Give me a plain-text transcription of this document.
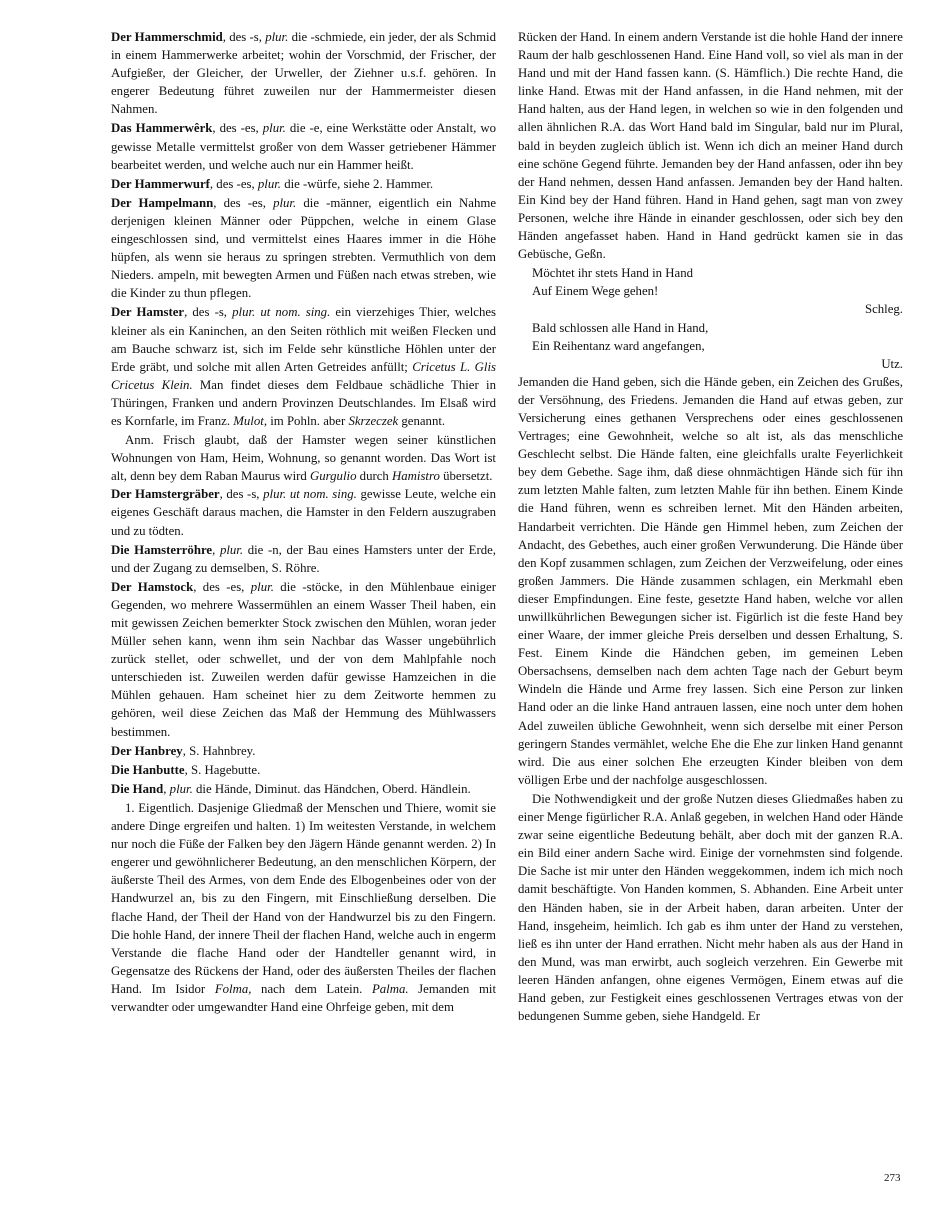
Der Hammerschmid, des -s, plur. die -schmiede, ein jeder, der als Schmid in einem Hammerwerke arbeitet; wohin der Vorschmid, der Frischer, der Aufgießer, der Gleicher, der Urweller, der Ziehner u.s.f. gehören. In engerer Bedeutung führet zuweilen nur der Hammermeister diesen Nahmen.

Das Hammerwêrk, des -es, plur. die -e, eine Werkstätte oder Anstalt, wo gewisse Metalle vermittelst großer von dem Wasser getriebener Hämmer bearbeitet werden, und welche auch nur ein Hammer heißt.

Der Hammerwurf, des -es, plur. die -würfe, siehe 2. Hammer.

Der Hampelmann, des -es, plur. die -männer, eigentlich ein Nahme derjenigen kleinen Männer oder Püppchen, welche in einem Glase eingeschlossen sind, und vermittelst eines Haares immer in die Höhe hüpfen, als wenn sie heraus zu springen strebten. Vermuthlich von dem Nieders. ampeln, mit bewegten Armen und Füßen nach etwas streben, wie die Kinder zu thun pflegen.

Der Hamster, des -s, plur. ut nom. sing. ein vierzehiges Thier, welches kleiner als ein Kaninchen, an den Seiten röthlich mit weißen Flecken und am Bauche schwarz ist, sich im Felde sehr künstliche Höhlen unter der Erde gräbt, und solche mit allen Arten Getreides anfüllt; Cricetus L. Glis Cricetus Klein. Man findet dieses dem Feldbaue schädliche Thier in Thüringen, Franken und andern Provinzen Deutschlandes. Im Elsaß wird es Kornfarle, im Franz. Mulot, im Pohln. aber Skrzeczek genannt.

Anm. Frisch glaubt, daß der Hamster wegen seiner künstlichen Wohnungen von Ham, Heim, Wohnung, so genannt worden. Das Wort ist alt, denn bey dem Raban Maurus wird Gurgulio durch Hamistro übersetzt.

Der Hamstergräber, des -s, plur. ut nom. sing. gewisse Leute, welche ein eigenes Geschäft daraus machen, die Hamster in den Feldern auszugraben und zu tödten.

Die Hamsterröhre, plur. die -n, der Bau eines Hamsters unter der Erde, und der Zugang zu demselben, S. Röhre.

Der Hamstock, des -es, plur. die -stöcke, in den Mühlenbaue einiger Gegenden, wo mehrere Wassermühlen an einem Wasser Theil haben, ein mit gewissen Zeichen bemerkter Stock zwischen den Mühlen, woran jeder Müller sehen kann, wenn ihm sein Nachbar das Wasser ungebührlich zurück stellet, oder schwellet, und der von dem Mahlpfahle noch unterschieden ist. Zuweilen werden dafür gewisse Hamzeichen in die Mühlen gehauen. Ham scheinet hier zu dem Zeitworte hemmen zu gehören, weil diese Zeichen das Maß der Hemmung des Mühlwassers bestimmen.

Der Hanbrey, S. Hahnbrey.

Die Hanbutte, S. Hagebutte.

Die Hand, plur. die Hände, Diminut. das Händchen, Oberd. Händlein.

1. Eigentlich. Dasjenige Gliedmaß der Menschen und Thiere, womit sie andere Dinge ergreifen und halten. 1) Im weitesten Verstande, in welchem nur noch die Füße der Falken bey den Jägern Hände genannt werden. 2) In engerer und gewöhnlicherer Bedeutung, an den menschlichen Körpern, der äußerste Theil des Armes, von dem Ende des Elbogenbeines oder von der Handwurzel an, bis zu den Fingern, mit Einschließung derselben. Die flache Hand, der Theil der Hand von der Handwurzel bis zu den Fingern. Die hohle Hand, der innere Theil der flachen Hand, welche auch in engerm Verstande die flache Hand oder der Handteller genannt wird, in Gegensatze des Rückens der Hand, oder des äußersten Theiles der flachen Hand. Im Isidor Folma, nach dem Latein. Palma. Jemanden mit verwandter oder umgewandter Hand eine Ohrfeige geben, mit dem

Rücken der Hand. In einem andern Verstande ist die hohle Hand der innere Raum der halb geschlossenen Hand. Eine Hand voll, so viel als man in der Hand und mit der Hand fassen kann. (S. Hämflich.) Die rechte Hand, die linke Hand. Etwas mit der Hand anfassen, in die Hand nehmen, mit der Hand halten, aus der Hand legen, in welchen so wie in den folgenden und allen ähnlichen R.A. das Wort Hand bald im Singular, bald nur im Plural, bald in beyden zugleich üblich ist. Wenn ich dich an meiner Hand durch eine schöne Gegend führte. Jemanden bey der Hand anfassen, oder ihn bey der Hand nehmen, dessen Hand anfassen. Jemanden bey der Hand halten. Ein Kind bey der Hand führen. Hand in Hand gehen, sagt man von zwey Personen, welche ihre Hände in einander geschlossen, oder sich bey den Händen angefasset haben. Hand in Hand gedrückt kamen sie in das Gebüsche, Geßn.

Möchtet ihr stets Hand in Hand

Auf Einem Wege gehen!

Schleg.

Bald schlossen alle Hand in Hand,

Ein Reihentanz ward angefangen,

Utz.

Jemanden die Hand geben, sich die Hände geben, ein Zeichen des Grußes, der Versöhnung, des Friedens. Jemanden die Hand auf etwas geben, zur Versicherung eines gethanen Versprechens oder eines geschlossenen Vertrages; eine Gewohnheit, welche so alt ist, als das menschliche Geschlecht selbst. Die Hände falten, eine gleichfalls uralte Feyerlichkeit bey dem Gebethe. Sage ihm, daß diese ohnmächtigen Hände sich für ihn zum letzten Mahle falten, zum letzten Mahle für ihn bethen. Einem Kinde die Hand führen, wenn es schreiben lernet. Mit den Händen arbeiten, Handarbeit verrichten. Die Hände gen Himmel heben, zum Zeichen der Andacht, des Gebethes, auch einer großen Verwunderung. Die Hände über den Kopf zusammen schlagen, zum Zeichen der Verzweifelung, oder eines großen Jammers. Die Hände zusammen schlagen, ein Merkmahl eben dieser Empfindungen. Eine feste, gesetzte Hand haben, welche vor allen unwillkührlichen Bewegungen sicher ist. Figürlich ist die feste Hand bey einer Waare, der immer gleiche Preis derselben und dessen Erhaltung, S. Fest. Einem Kinde die Händchen geben, im gemeinen Leben Obersachsens, demselben nach dem achten Tage nach der Geburt beym Windeln die Hände und Arme frey lassen. Sich eine Person zur linken Hand oder an die linke Hand antrauen lassen, eine noch unter dem hohen Adel zuweilen übliche Gewohnheit, wenn sich derselbe mit einer Person geringern Standes vermählet, welche Ehe die Ehe zur linken Hand genannt wird. Die aus einer solchen Ehe erzeugten Kinder bleiben von dem völligen Erbe und der nachfolge ausgeschlossen.

Die Nothwendigkeit und der große Nutzen dieses Gliedmaßes haben zu einer Menge figürlicher R.A. Anlaß gegeben, in welchen Hand oder Hände zwar seine eigentliche Bedeutung behält, aber doch mit der ganzen R.A. ein Bild einer andern Sache wird. Einige der vornehmsten sind folgende. Die Sache ist mir unter den Händen weggekommen, indem ich mich noch damit beschäftigte. Von Handen kommen, S. Abhanden. Eine Arbeit unter den Händen haben, sie in der Arbeit haben, daran arbeiten. Unter der Hand, insgeheim, heimlich. Ich gab es ihm unter der Hand zu verstehen, ließ es ihn unter der Hand errathen. Nicht mehr haben als aus der Hand in den Mund, was man erwirbt, auch sogleich verzehren. Ein Gewerbe mit leeren Händen anfangen, ohne eigenes Vermögen, Einem etwas auf die Hand geben, zur Festigkeit eines geschlossenen Vertrages etwas von der bedungenen Summe geben, siehe Handgeld. Er

273
